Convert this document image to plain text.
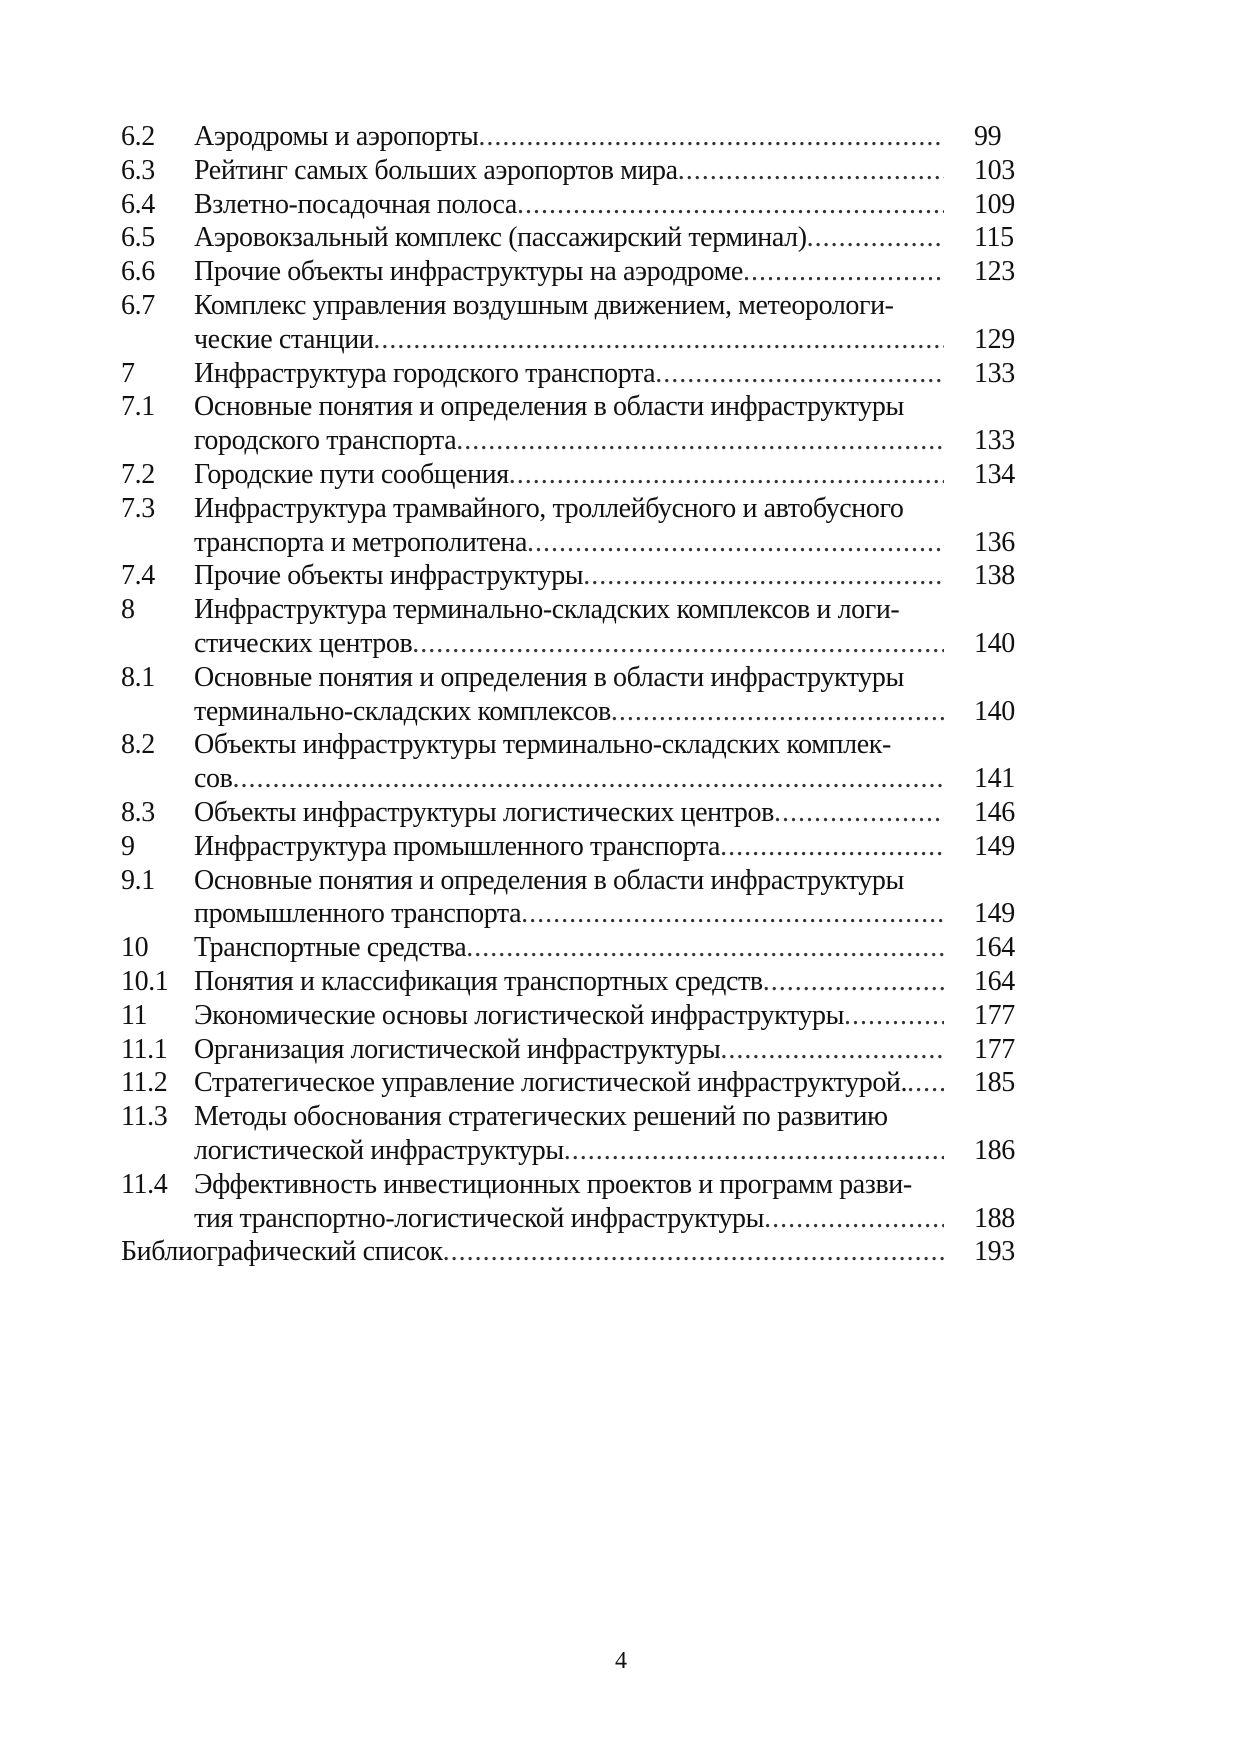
6.2	Аэродромы и аэропорты .....	99
6.3	Рейтинг самых больших аэропортов мира .....	103
6.4	Взлетно-посадочная полоса .....	109
6.5	Аэровокзальный комплекс (пассажирский терминал) .....	115
6.6	Прочие объекты инфраструктуры на аэродроме .....	123
6.7	Комплекс управления воздушным движением, метеорологи-
ческие станции .....	129
7	Инфраструктура городского транспорта .....	133
7.1	Основные понятия и определения в области инфраструктуры
городского транспорта .....	133
7.2	Городские пути сообщения .....	134
7.3	Инфраструктура трамвайного, троллейбусного и автобусного
транспорта и метрополитена .....	136
7.4	Прочие объекты инфраструктуры .....	138
8	Инфраструктура терминально-складских комплексов и логи-
стических центров .....	140
8.1	Основные понятия и определения в области инфраструктуры
терминально-складских комплексов .....	140
8.2	Объекты инфраструктуры терминально-складских комплек-
сов .....	141
8.3	Объекты инфраструктуры логистических центров .....	146
9	Инфраструктура промышленного транспорта .....	149
9.1	Основные понятия и определения в области инфраструктуры
промышленного транспорта .....	149
10	Транспортные средства .....	164
10.1 Понятия и классификация транспортных средств .....	164
11	Экономические основы логистической инфраструктуры .....	177
11.1 Организация логистической инфраструктуры .....	177
11.2 Стратегическое управление логистической инфраструктурой. .....	185
11.3 Методы обоснования стратегических решений по развитию
логистической инфраструктуры .....	186
11.4 Эффективность инвестиционных проектов и программ разви-
тия транспортно-логистической инфраструктуры .....	188
Библиографический список .....	193
4
